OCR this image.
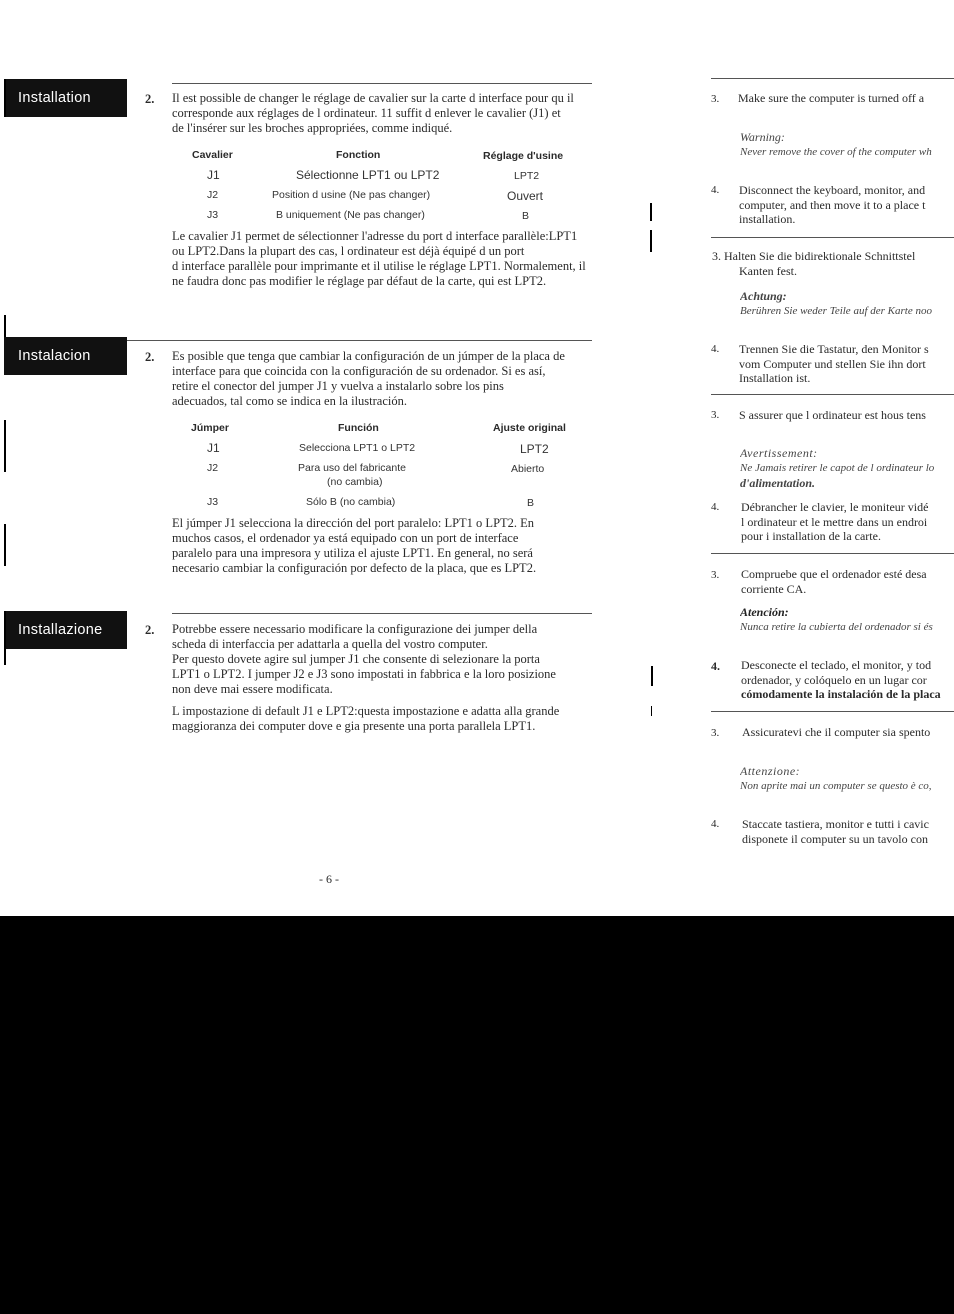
Installation	2. Il est possible de changer le réglage de cavalier sur la carte d interface pour qu il
corresponde aux réglages de l ordinateur. 11 suffit d enlever le cavalier (J1) et
de l'insérer sur les broches appropriées, comme indiqué.
Cavalier	Fonction	Réglage d'usine
J1	Sélectionne LPT1 ou LPT2	LPT2
J2	Position d usine (Ne pas changer)	Ouvert
J3	B uniquement (Ne pas changer)	B
Le cavalier J1 permet de sélectionner l'adresse du port d interface parallèle:LPT1
ou LPT2.Dans la plupart des cas, l ordinateur est déjà équipé d un port
d interface parallèle pour imprimante et il utilise le réglage LPT1. Normalement, il
ne faudra donc pas modifier le réglage par défaut de la carte, qui est LPT2.
Instalacion	2. Es posible que tenga que cambiar la configuración de un júmper de la placa de
interface para que coincida con la configuración de su ordenador. Si es así,
retire el conector del jumper J1 y vuelva a instalarlo sobre los pins
adecuados, tal como se indica en la ilustración.
Júmper	Función	Ajuste original
J1	Selecciona LPT1 o LPT2	LPT2
J2	Para uso del fabricante	Abierto
(no cambia)
J3	Sólo B (no cambia)	B
El júmper J1 selecciona la dirección del port paralelo: LPT1 o LPT2. En
muchos casos, el ordenador ya está equipado con un port de interface
paralelo para una impresora y utiliza el ajuste LPT1. En general, no será
necesario cambiar la configuración por defecto de la placa, que es LPT2.
Installazione	2. Potrebbe essere necessario modificare la configurazione dei jumper della
scheda di interfaccia per adattarla a quella del vostro computer.
Per questo dovete agire sul jumper J1 che consente di selezionare la porta
LPT1 o LPT2. I jumper J2 e J3 sono impostati in fabbrica e la loro posizione
non deve mai essere modificata.
L impostazione di default J1 e LPT2:questa impostazione e adatta alla grande
maggioranza dei computer dove e gia presente una porta parallela LPT1.
- 6 -
3. Make sure the computer is turned off a
Warning:
Never remove the cover of the computer wh
4. Disconnect the keyboard, monitor, and
computer, and then move it to a place t
installation.
3. Halten Sie die bidirektionale Schnittstel
Kanten fest.
Achtung:
Berühren Sie weder Teile auf der Karte noo
4. Trennen Sie die Tastatur, den Monitor s
vom Computer und stellen Sie ihn dort
Installation ist.
3. S assurer que l ordinateur est hous tens
Avertissement:
Ne Jamais retirer le capot de l ordinateur lo
d'alimentation.
4. Débrancher le clavier, le moniteur vidé
l ordinateur et le mettre dans un endroi
pour i installation de la carte.
3. Compruebe que el ordenador esté desa
corriente CA.
Atención:
Nunca retire la cubierta del ordenador si és
4. Desconecte el teclado, el monitor, y tod
ordenador, y colóquelo en un lugar cor
cómodamente la instalación de la placa
3. Assicuratevi che il computer sia spento
Attenzione:
Non aprite mai un computer se questo è co,
4. Staccate tastiera, monitor e tutti i cavic
disponete il computer su un tavolo con
